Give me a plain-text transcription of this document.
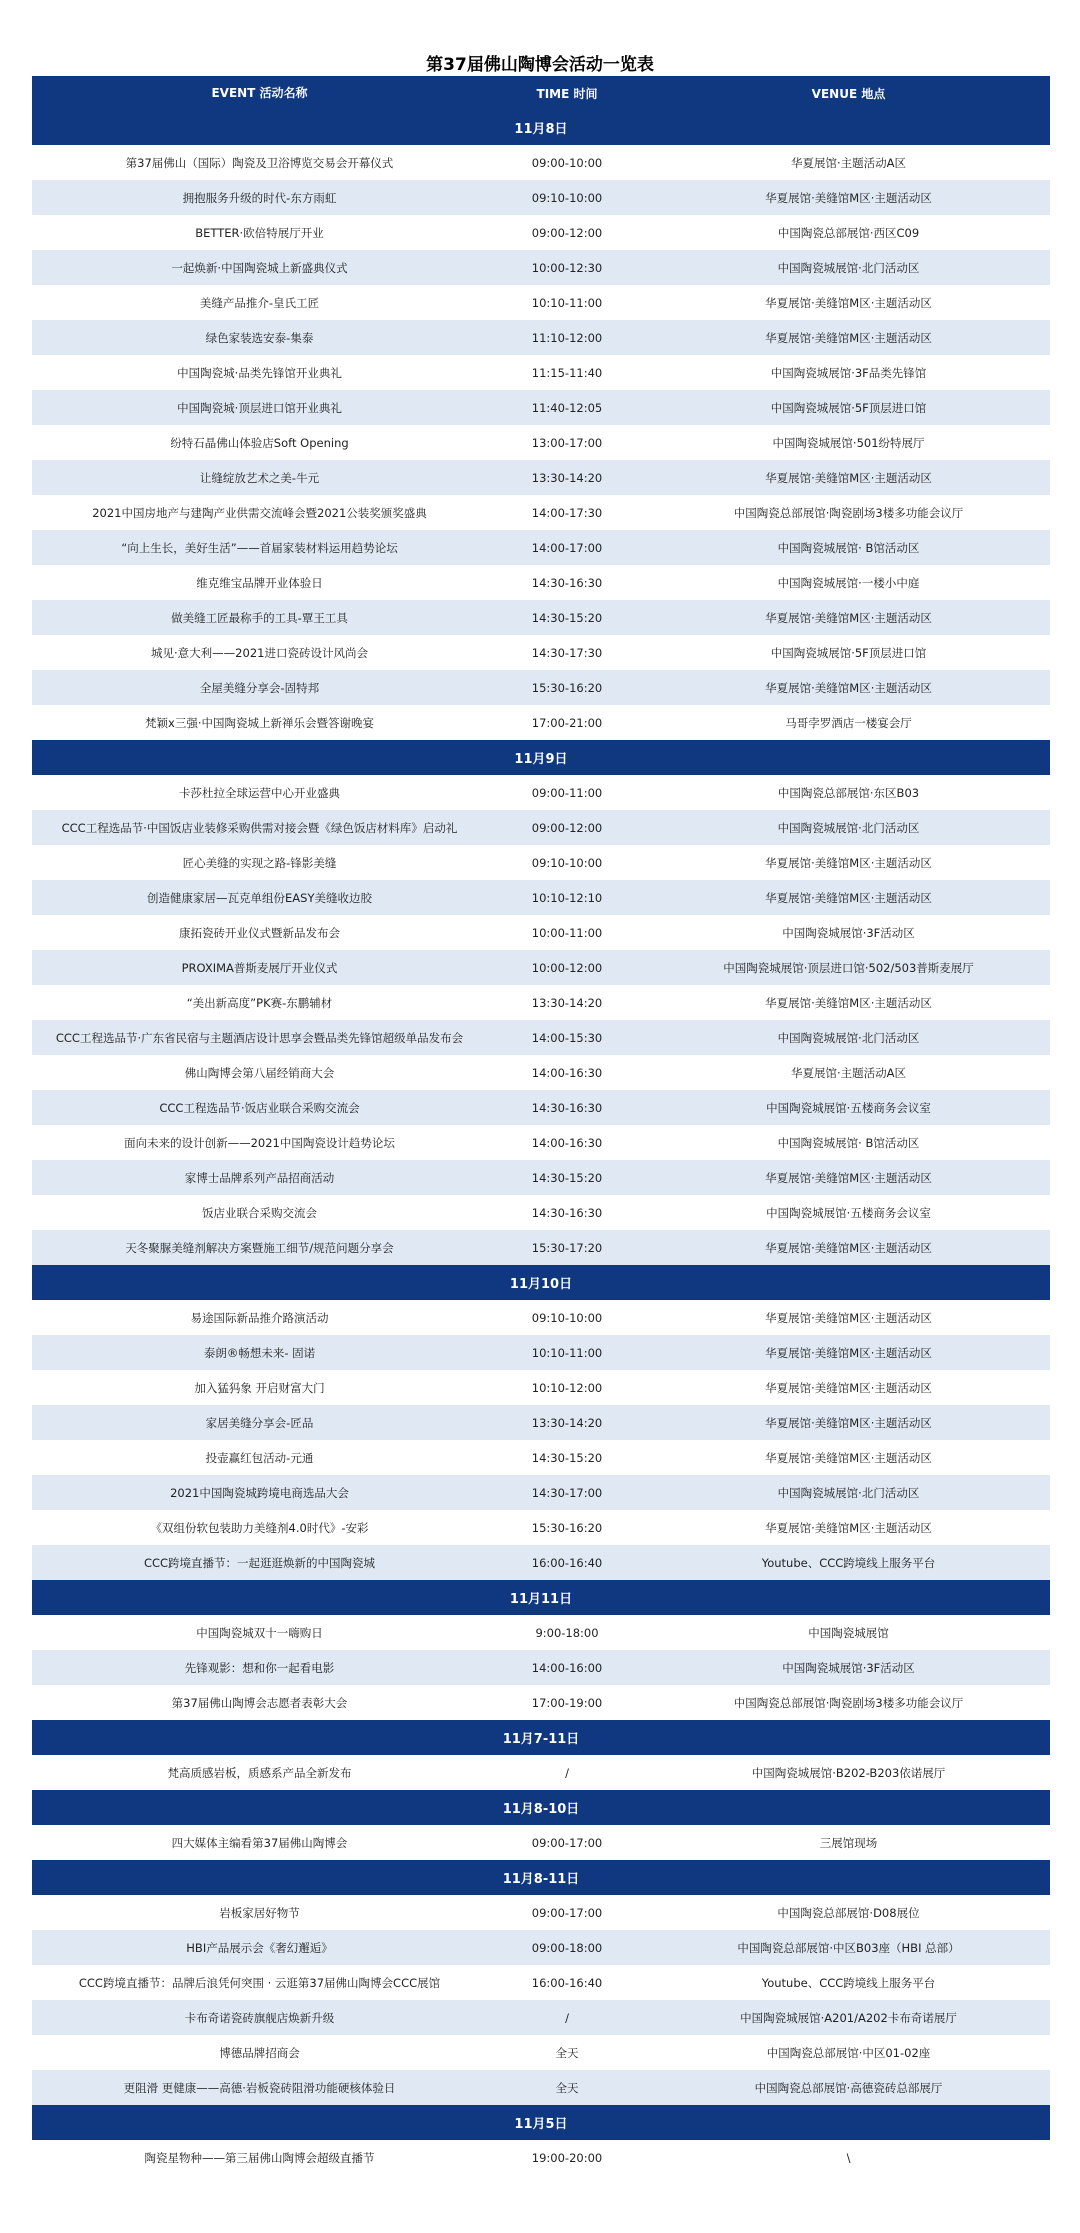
第37届佛山陶博会活动一览表
EVENT 活动名称	TIME 时间	VENUE 地点
11月8日
第37届佛山（国际）陶瓷及卫浴博览交易会开幕仪式	09:00-10:00	华夏展馆·主题活动A区
拥抱服务升级的时代-东方雨虹	09:10-10:00	华夏展馆·美缝馆M区·主题活动区
BETTER·欧倍特展厅开业	09:00-12:00	中国陶瓷总部展馆·西区C09
一起焕新·中国陶瓷城上新盛典仪式	10:00-12:30	中国陶瓷城展馆·北门活动区
美缝产品推介-皇氏工匠	10:10-11:00	华夏展馆·美缝馆M区·主题活动区
绿色家装选安泰-集泰	11:10-12:00	华夏展馆·美缝馆M区·主题活动区
中国陶瓷城·品类先锋馆开业典礼	11:15-11:40	中国陶瓷城展馆·3F品类先锋馆
中国陶瓷城·顶层进口馆开业典礼	11:40-12:05	中国陶瓷城展馆·5F顶层进口馆
纷特石晶佛山体验店Soft Opening	13:00-17:00	中国陶瓷城展馆·501纷特展厅
让缝绽放艺术之美-牛元	13:30-14:20	华夏展馆·美缝馆M区·主题活动区
2021中国房地产与建陶产业供需交流峰会暨2021公装奖颁奖盛典	14:00-17:30	中国陶瓷总部展馆·陶瓷剧场3楼多功能会议厅
“向上生长，美好生活”——首届家装材料运用趋势论坛	14:00-17:00	中国陶瓷城展馆· B馆活动区
维克维宝品牌开业体验日	14:30-16:30	中国陶瓷城展馆·一楼小中庭
做美缝工匠最称手的工具-覃王工具	14:30-15:20	华夏展馆·美缝馆M区·主题活动区
城见·意大利——2021进口瓷砖设计风尚会	14:30-17:30	中国陶瓷城展馆·5F顶层进口馆
全屋美缝分享会-固特邦	15:30-16:20	华夏展馆·美缝馆M区·主题活动区
梵颖x三强·中国陶瓷城上新禅乐会暨答谢晚宴	17:00-21:00	马哥孛罗酒店一楼宴会厅
11月9日
卡莎杜拉全球运营中心开业盛典	09:00-11:00	中国陶瓷总部展馆·东区B03
CCC工程选品节·中国饭店业装修采购供需对接会暨《绿色饭店材料库》启动礼	09:00-12:00	中国陶瓷城展馆·北门活动区
匠心美缝的实现之路-锋影美缝	09:10-10:00	华夏展馆·美缝馆M区·主题活动区
创造健康家居—瓦克单组份EASY美缝收边胶	10:10-12:10	华夏展馆·美缝馆M区·主题活动区
康拓瓷砖开业仪式暨新品发布会	10:00-11:00	中国陶瓷城展馆·3F活动区
PROXIMA普斯麦展厅开业仪式	10:00-12:00	中国陶瓷城展馆·顶层进口馆·502/503普斯麦展厅
“美出新高度”PK赛-东鹏辅材	13:30-14:20	华夏展馆·美缝馆M区·主题活动区
CCC工程选品节·广东省民宿与主题酒店设计思享会暨品类先锋馆超级单品发布会	14:00-15:30	中国陶瓷城展馆·北门活动区
佛山陶博会第八届经销商大会	14:00-16:30	华夏展馆·主题活动A区
CCC工程选品节·饭店业联合采购交流会	14:30-16:30	中国陶瓷城展馆·五楼商务会议室
面向未来的设计创新——2021中国陶瓷设计趋势论坛	14:00-16:30	中国陶瓷城展馆· B馆活动区
家博士品牌系列产品招商活动	14:30-15:20	华夏展馆·美缝馆M区·主题活动区
饭店业联合采购交流会	14:30-16:30	中国陶瓷城展馆·五楼商务会议室
天冬聚脲美缝剂解决方案暨施工细节/规范问题分享会	15:30-17:20	华夏展馆·美缝馆M区·主题活动区
11月10日
易途国际新品推介路演活动	09:10-10:00	华夏展馆·美缝馆M区·主题活动区
泰朗®畅想未来- 固诺	10:10-11:00	华夏展馆·美缝馆M区·主题活动区
加入猛犸象 开启财富大门	10:10-12:00	华夏展馆·美缝馆M区·主题活动区
家居美缝分享会-匠品	13:30-14:20	华夏展馆·美缝馆M区·主题活动区
投壶赢红包活动-元通	14:30-15:20	华夏展馆·美缝馆M区·主题活动区
2021中国陶瓷城跨境电商选品大会	14:30-17:00	中国陶瓷城展馆·北门活动区
《双组份软包装助力美缝剂4.0时代》-安彩	15:30-16:20	华夏展馆·美缝馆M区·主题活动区
CCC跨境直播节：一起逛逛焕新的中国陶瓷城	16:00-16:40	Youtube、CCC跨境线上服务平台
11月11日
中国陶瓷城双十一嗨购日	9:00-18:00	中国陶瓷城展馆
先锋观影：想和你一起看电影	14:00-16:00	中国陶瓷城展馆·3F活动区
第37届佛山陶博会志愿者表彰大会	17:00-19:00	中国陶瓷总部展馆·陶瓷剧场3楼多功能会议厅
11月7-11日
梵高质感岩板，质感系产品全新发布	/	中国陶瓷城展馆·B202-B203依诺展厅
11月8-10日
四大媒体主编看第37届佛山陶博会	09:00-17:00	三展馆现场
11月8-11日
岩板家居好物节	09:00-17:00	中国陶瓷总部展馆·D08展位
HBI产品展示会《奢幻邂逅》	09:00-18:00	中国陶瓷总部展馆·中区B03座（HBI 总部）
CCC跨境直播节：品牌后浪凭何突围 · 云逛第37届佛山陶博会CCC展馆	16:00-16:40	Youtube、CCC跨境线上服务平台
卡布奇诺瓷砖旗舰店焕新升级	/	中国陶瓷城展馆·A201/A202卡布奇诺展厅
博德品牌招商会	全天	中国陶瓷总部展馆·中区01-02座
更阻滑 更健康——高德·岩板瓷砖阻滑功能硬核体验日	全天	中国陶瓷总部展馆·高德瓷砖总部展厅
11月5日
陶瓷星物种——第三届佛山陶博会超级直播节	19:00-20:00	\
